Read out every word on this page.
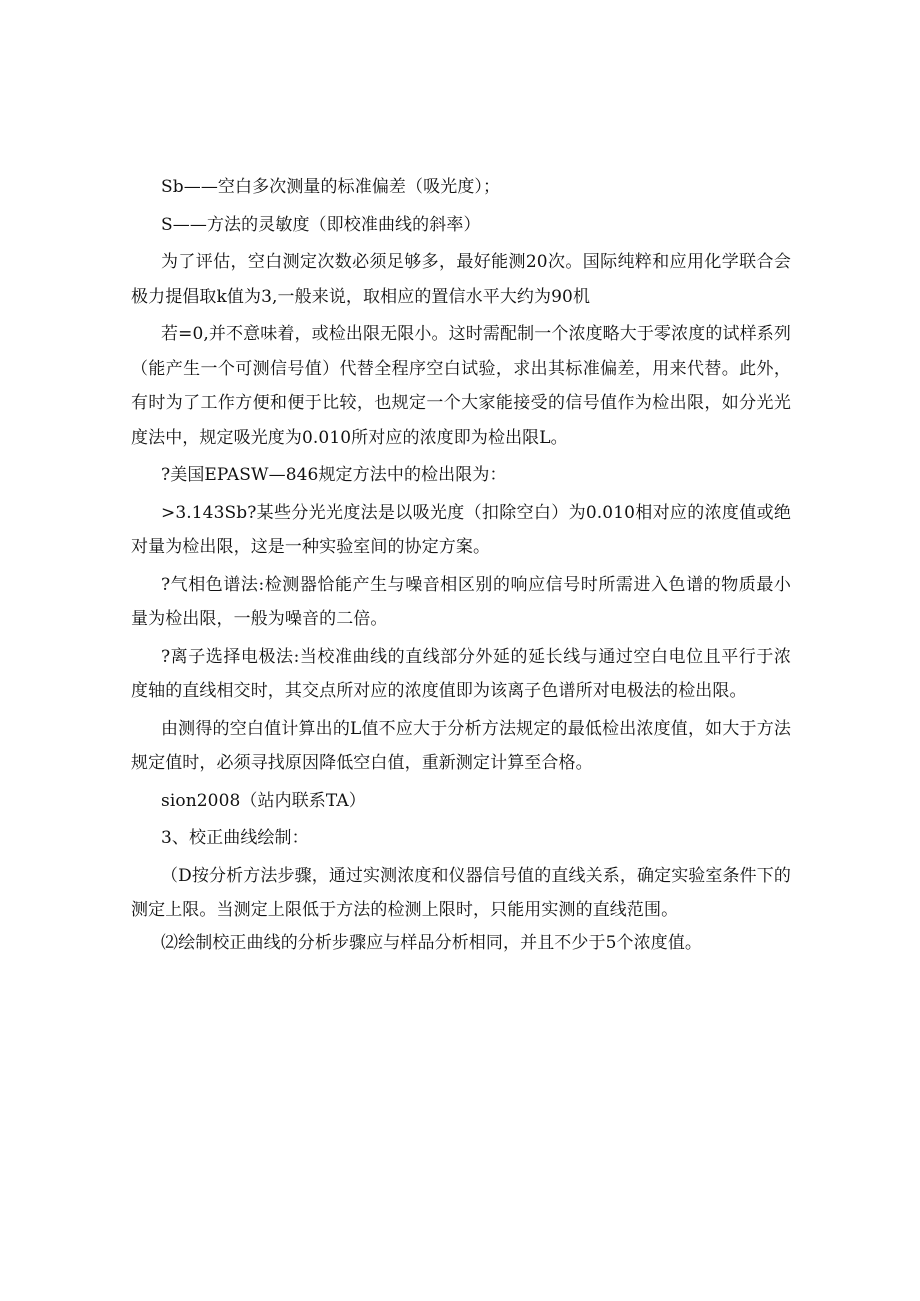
Sb——空白多次测量的标准偏差（吸光度）；

S——方法的灵敏度（即校准曲线的斜率）

为了评估，空白测定次数必须足够多，最好能测20次。国际纯粹和应用化学联合会极力提倡取k值为3,一般来说，取相应的置信水平大约为90机

若=0,并不意味着，或检出限无限小。这时需配制一个浓度略大于零浓度的试样系列（能产生一个可测信号值）代替全程序空白试验，求出其标准偏差，用来代替。此外，有时为了工作方便和便于比较，也规定一个大家能接受的信号值作为检出限，如分光光度法中，规定吸光度为0.010所对应的浓度即为检出限L。

?美国EPASW—846规定方法中的检出限为：

>3.143Sb?某些分光光度法是以吸光度（扣除空白）为0.010相对应的浓度值或绝对量为检出限，这是一种实验室间的协定方案。

?气相色谱法:检测器恰能产生与噪音相区别的响应信号时所需进入色谱的物质最小量为检出限，一般为噪音的二倍。

?离子选择电极法:当校准曲线的直线部分外延的延长线与通过空白电位且平行于浓度轴的直线相交时，其交点所对应的浓度值即为该离子色谱所对电极法的检出限。

由测得的空白值计算出的L值不应大于分析方法规定的最低检出浓度值，如大于方法规定值时，必须寻找原因降低空白值，重新测定计算至合格。

sion2008（站内联系TA）

3、校正曲线绘制：

（D按分析方法步骤，通过实测浓度和仪器信号值的直线关系，确定实验室条件下的测定上限。当测定上限低于方法的检测上限时，只能用实测的直线范围。

⑵绘制校正曲线的分析步骤应与样品分析相同，并且不少于5个浓度值。
